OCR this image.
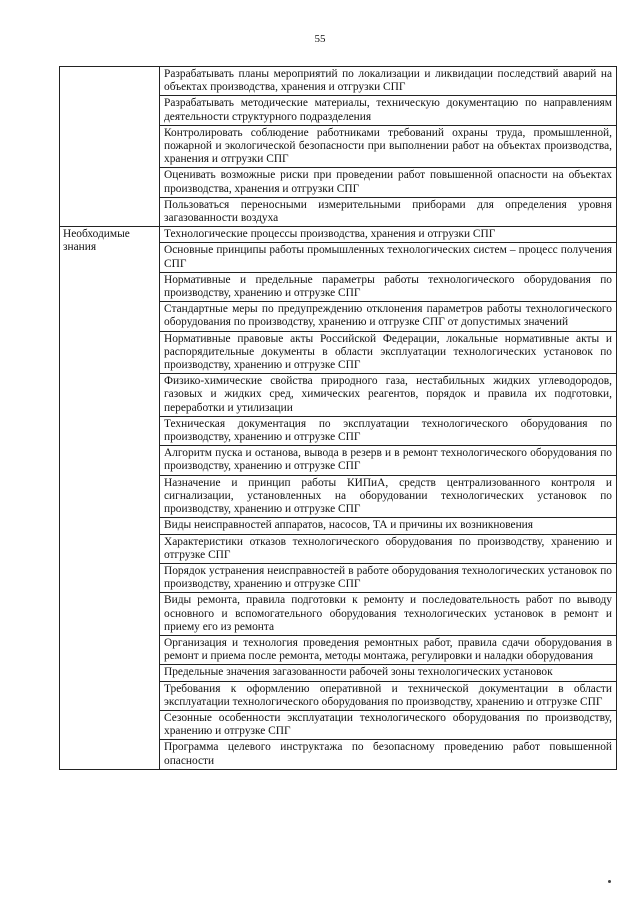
55
	Разрабатывать планы мероприятий по локализации и ликвидации последствий аварий на объектах производства, хранения и отгрузки СПГ
	Разрабатывать методические материалы, техническую документацию по направлениям деятельности структурного подразделения
	Контролировать соблюдение работниками требований охраны труда, промышленной, пожарной и экологической безопасности при выполнении работ на объектах производства, хранения и отгрузки СПГ
	Оценивать возможные риски при проведении работ повышенной опасности на объектах производства, хранения и отгрузки СПГ
	Пользоваться переносными измерительными приборами для определения уровня загазованности воздуха
Необходимые знания	Технологические процессы производства, хранения и отгрузки СПГ
	Основные принципы работы промышленных технологических систем – процесс получения СПГ
	Нормативные и предельные параметры работы технологического оборудования по производству, хранению и отгрузке СПГ
	Стандартные меры по предупреждению отклонения параметров работы технологического оборудования по производству, хранению и отгрузке СПГ от допустимых значений
	Нормативные правовые акты Российской Федерации, локальные нормативные акты и распорядительные документы в области эксплуатации технологических установок по производству, хранению и отгрузке СПГ
	Физико-химические свойства природного газа, нестабильных жидких углеводородов, газовых и жидких сред, химических реагентов, порядок и правила их подготовки, переработки и утилизации
	Техническая документация по эксплуатации технологического оборудования по производству, хранению и отгрузке СПГ
	Алгоритм пуска и останова, вывода в резерв и в ремонт технологического оборудования по производству, хранению и отгрузке СПГ
	Назначение и принцип работы КИПиА, средств централизованного контроля и сигнализации, установленных на оборудовании технологических установок по производству, хранению и отгрузке СПГ
	Виды неисправностей аппаратов, насосов, ТА и причины их возникновения
	Характеристики отказов технологического оборудования по производству, хранению и отгрузке СПГ
	Порядок устранения неисправностей в работе оборудования технологических установок по производству, хранению и отгрузке СПГ
	Виды ремонта, правила подготовки к ремонту и последовательность работ по выводу основного и вспомогательного оборудования технологических установок в ремонт и приему его из ремонта
	Организация и технология проведения ремонтных работ, правила сдачи оборудования в ремонт и приема после ремонта, методы монтажа, регулировки и наладки оборудования
	Предельные значения загазованности рабочей зоны технологических установок
	Требования к оформлению оперативной и технической документации в области эксплуатации технологического оборудования по производству, хранению и отгрузке СПГ
	Сезонные особенности эксплуатации технологического оборудования по производству, хранению и отгрузке СПГ
	Программа целевого инструктажа по безопасному проведению работ повышенной опасности
